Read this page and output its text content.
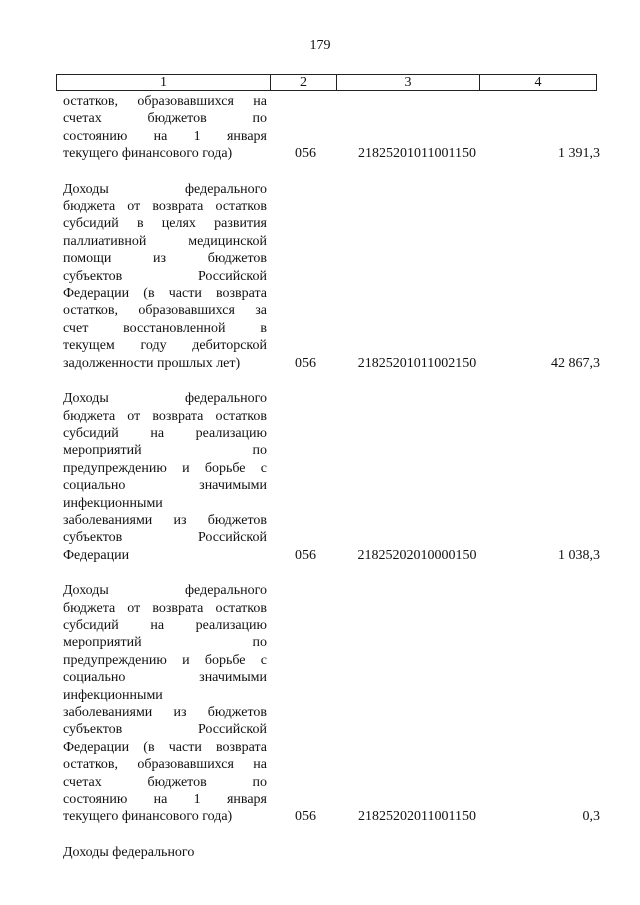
179
1	2	3	4
остатков, образовавшихся на
счетах бюджетов по
состоянию на 1 января
текущего финансового года)	056	21825201011001150	1 391,3
Доходы федерального
бюджета от возврата остатков
субсидий в целях развития
паллиативной медицинской
помощи из бюджетов
субъектов Российской
Федерации (в части возврата
остатков, образовавшихся за
счет восстановленной в
текущем году дебиторской
задолженности прошлых лет)	056	21825201011002150	42 867,3
Доходы федерального
бюджета от возврата остатков
субсидий на реализацию
мероприятий по
предупреждению и борьбе с
социально значимыми
инфекционными
заболеваниями из бюджетов
субъектов Российской
Федерации	056	21825202010000150	1 038,3
Доходы федерального
бюджета от возврата остатков
субсидий на реализацию
мероприятий по
предупреждению и борьбе с
социально значимыми
инфекционными
заболеваниями из бюджетов
субъектов Российской
Федерации (в части возврата
остатков, образовавшихся на
счетах бюджетов по
состоянию на 1 января
текущего финансового года)	056	21825202011001150	0,3
Доходы федерального
